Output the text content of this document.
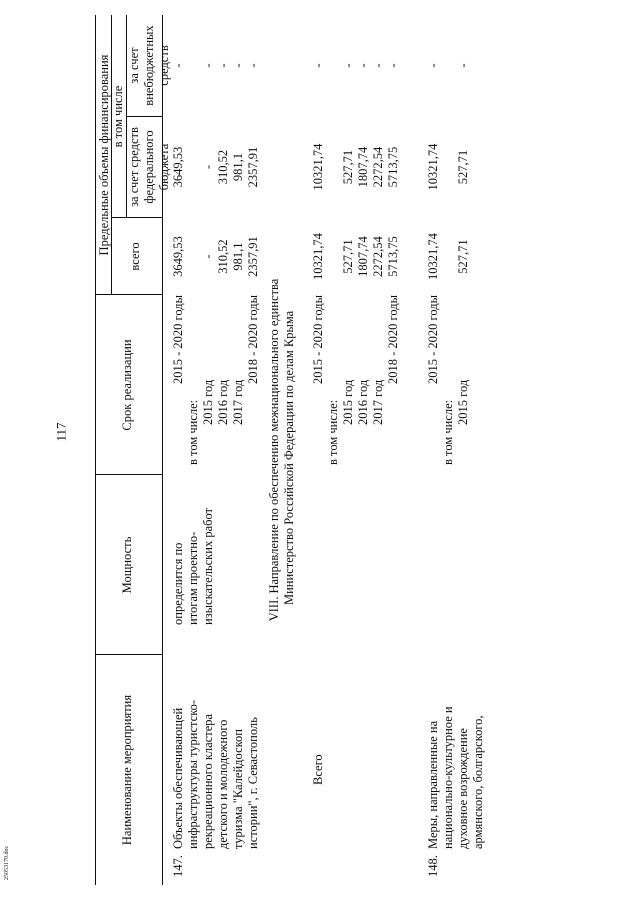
117
25053170.doc
Наименование мероприятия
Мощность
Срок реализации
Предельные объемы финансирования
всего
в том числе
за счет средств федерального бюджета
за счет внебюджетных средств
147.
Объекты обеспечивающей инфраструктуры туристско- рекреационного кластера детского и молодежного туризма "Калейдоскоп истории", г. Севастополь
определится по итогам проектно- изыскательских работ
2015 - 2020 годы
в том числе: 2015 год 2016 год 2017 год
2018 - 2020 годы
3649,53
- 310,52 981,1 2357,91
3649,53
- 310,52 981,1 2357,91
-
- - - -
VIII. Направление по обеспечению межнационального единства Министерство Российской Федерации по делам Крыма
Всего
2015 - 2020 годы
в том числе: 2015 год 2016 год 2017 год
2018 - 2020 годы
10321,74
527,71 1807,74 2272,54 5713,75
10321,74
527,71 1807,74 2272,54 5713,75
-
- - - -
148.
Меры, направленные на национально-культурное и духовное возрождение армянского, болгарского,
2015 - 2020 годы
в том числе: 2015 год
10321,74
527,71
10321,74
527,71
-
-
